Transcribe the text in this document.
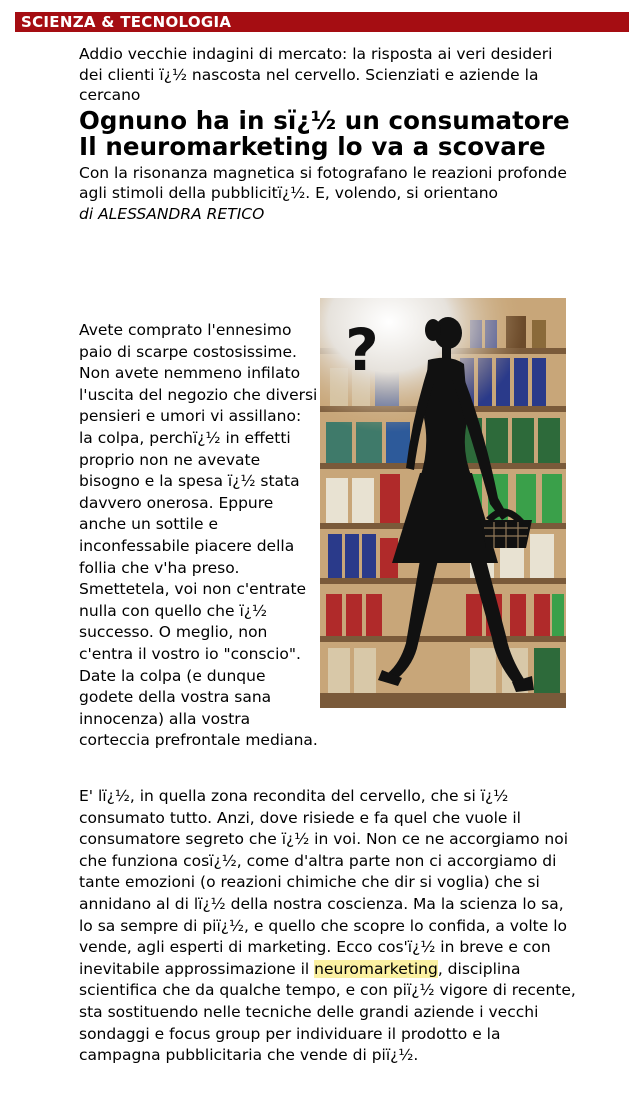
SCIENZA & TECNOLOGIA
Addio vecchie indagini di mercato: la risposta ai veri desideri
dei clienti ï¿½ nascosta nel cervello. Scienziati e aziende la cercano
Ognuno ha in sï¿½ un consumatore
Il neuromarketing lo va a scovare
Con la risonanza magnetica si fotografano le reazioni profonde
agli stimoli della pubblicitï¿½. E, volendo, si orientano
di ALESSANDRA RETICO
?
Avete comprato l'ennesimo paio di scarpe costosissime. Non avete nemmeno infilato l'uscita del negozio che diversi pensieri e umori vi assillano: la colpa, perchï¿½ in effetti proprio non ne avevate bisogno e la spesa ï¿½ stata davvero onerosa. Eppure anche un sottile e inconfessabile piacere della follia che v'ha preso. Smettetela, voi non c'entrate nulla con quello che ï¿½ successo. O meglio, non c'entra il vostro io "conscio". Date la colpa (e dunque godete della vostra sana innocenza) alla vostra corteccia prefrontale mediana.
E' lï¿½, in quella zona recondita del cervello, che si ï¿½ consumato tutto. Anzi, dove risiede e fa quel che vuole il consumatore segreto che ï¿½ in voi. Non ce ne accorgiamo noi che funziona cosï¿½, come d'altra parte non ci accorgiamo di tante emozioni (o reazioni chimiche che dir si voglia) che si annidano al di lï¿½ della nostra coscienza. Ma la scienza lo sa, lo sa sempre di piï¿½, e quello che scopre lo confida, a volte lo vende, agli esperti di marketing. Ecco cos'ï¿½ in breve e con inevitabile approssimazione il neuromarketing, disciplina scientifica che da qualche tempo, e con piï¿½ vigore di recente, sta sostituendo nelle tecniche delle grandi aziende i vecchi sondaggi e focus group per individuare il prodotto e la campagna pubblicitaria che vende di piï¿½.
